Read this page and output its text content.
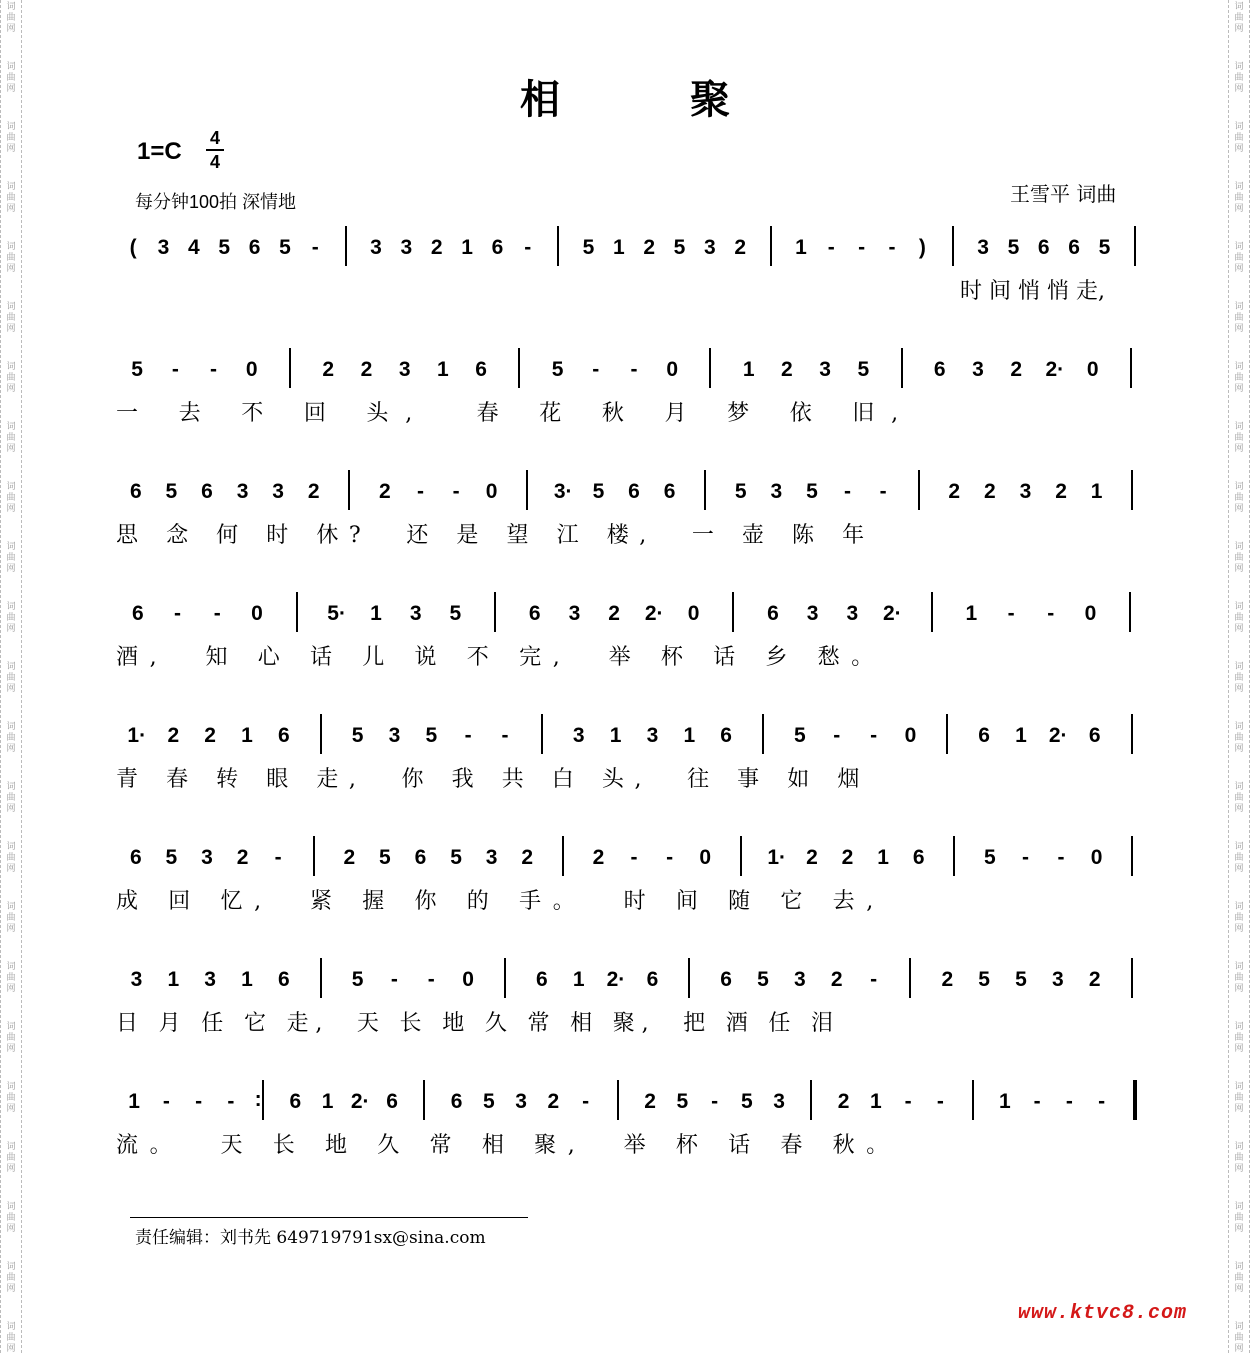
词
曲
网
词
曲
网
词
曲
网
词
曲
网
词
曲
网
词
曲
网
词
曲
网
词
曲
网
词
曲
网
词
曲
网
词
曲
网
词
曲
网
词
曲
网
词
曲
网
词
曲
网
词
曲
网
词
曲
网
词
曲
网
词
曲
网
词
曲
网
词
曲
网
词
曲
网
词
曲
网
词
曲
网
词
曲
网
词
曲
网
词
曲
网
词
曲
网
词
曲
网
词
曲
网
词
曲
网
词
曲
网
词
曲
网
词
曲
网
词
曲
网
词
曲
网
词
曲
网
词
曲
网
词
曲
网
词
曲
网
词
曲
网
词
曲
网
词
曲
网
词
曲
网
词
曲
网
词
曲
网
相聚
1=C 4
4
每分钟100拍 深情地	王雪平 词曲
( 3 4 5 6 5 - 3 3 2 1 6 - 5 1 2 5 3 2 1 - - - ) 3 5 6 6 5
时 间 悄 悄 走,
5 - - 0	2 2 3 1 6	5 - - 0	1 2 3 5	6 3 2 2· 0
一 去 不 回 头,  春 花 秋 月 梦 依 旧,
6 5 6 3 3 2	2 - - 0	3· 5 6 6	5 3 5 - -	2 2 3 2 1
思 念 何 时 休?  还 是 望 江 楼,  一 壶 陈 年
6 - - 0	5· 1 3 5	6 3 2 2· 0	6 3 3 2·	1 - - 0
酒,  知 心 话 儿 说 不 完,  举 杯 话 乡 愁。
1· 2 2 1 6	5 3 5 - -	3 1 3 1 6	5 - - 0	6 1 2· 6
青 春 转 眼 走,  你 我 共 白 头,  往 事 如 烟
6 5 3 2 -	2 5 6 5 3 2	2 - - 0	1· 2 2 1 6	5 - - 0
成 回 忆,  紧 握 你 的 手。  时 间 随 它 去,
3 1 3 1 6	5 - - 0	6 1 2· 6	6 5 3 2 -	2 5 5 3 2
日 月 任 它 走,  天 长 地 久 常 相 聚,  把 酒 任 泪
1 - - - : 6 1 2· 6	6 5 3 2 -	2 5 - 5 3	2 1 - -	1 - - -
流。  天 长 地 久 常 相 聚,  举 杯 话 春 秋。
责任编辑：刘书先 649719791sx@sina.com
www.ktvc8.com
